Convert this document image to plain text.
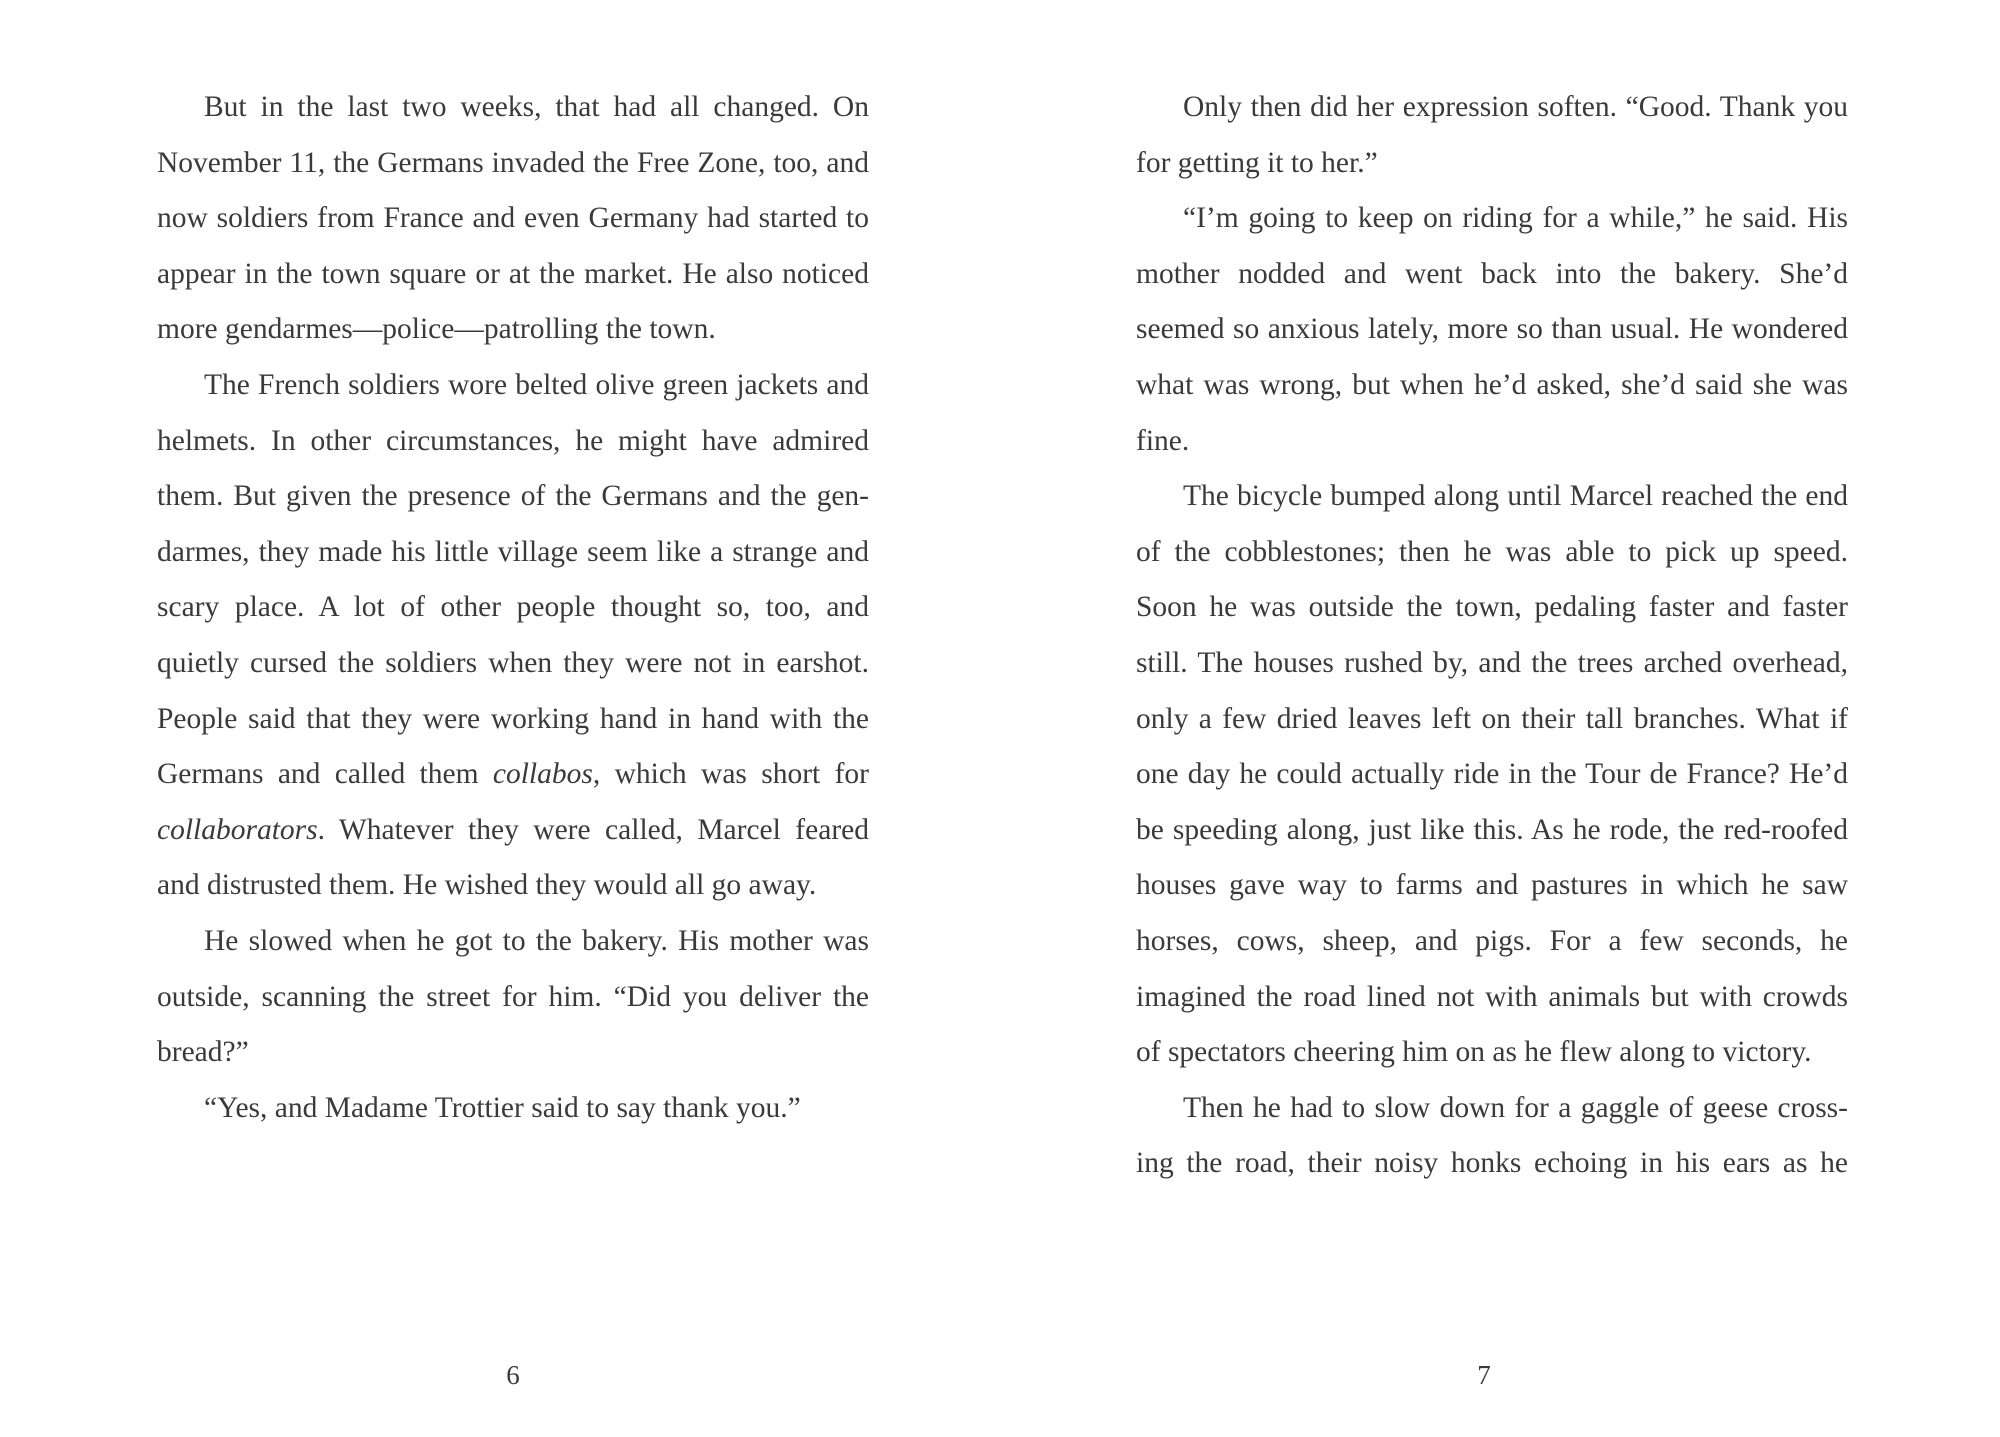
But in the last two weeks, that had all changed. On November 11, the Germans invaded the Free Zone, too, and now soldiers from France and even Germany had started to appear in the town square or at the market. He also noticed more gendarmes—police—patrolling the town.

The French soldiers wore belted olive green jackets and helmets. In other circumstances, he might have admired them. But given the presence of the Germans and the gendarmes, they made his little village seem like a strange and scary place. A lot of other people thought so, too, and quietly cursed the soldiers when they were not in earshot. People said that they were working hand in hand with the Germans and called them collabos, which was short for collaborators. Whatever they were called, Marcel feared and distrusted them. He wished they would all go away.

He slowed when he got to the bakery. His mother was outside, scanning the street for him. “Did you deliver the bread?”

“Yes, and Madame Trottier said to say thank you.”

6

Only then did her expression soften. “Good. Thank you for getting it to her.”

“I’m going to keep on riding for a while,” he said. His mother nodded and went back into the bakery. She’d seemed so anxious lately, more so than usual. He wondered what was wrong, but when he’d asked, she’d said she was fine.

The bicycle bumped along until Marcel reached the end of the cobblestones; then he was able to pick up speed. Soon he was outside the town, pedaling faster and faster still. The houses rushed by, and the trees arched overhead, only a few dried leaves left on their tall branches. What if one day he could actually ride in the Tour de France? He’d be speeding along, just like this. As he rode, the red-roofed houses gave way to farms and pastures in which he saw horses, cows, sheep, and pigs. For a few seconds, he imagined the road lined not with animals but with crowds of spectators cheering him on as he flew along to victory.

Then he had to slow down for a gaggle of geese crossing the road, their noisy honks echoing in his ears as he

7
